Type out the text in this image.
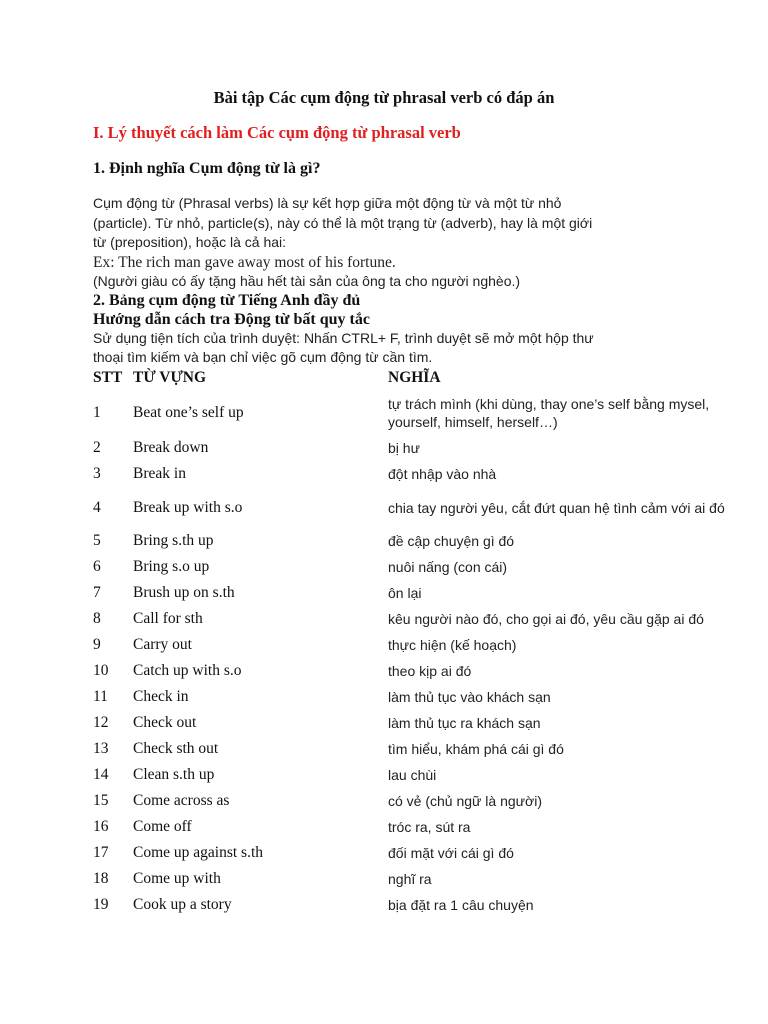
Bài tập Các cụm động từ phrasal verb có đáp án
I. Lý thuyết cách làm Các cụm động từ phrasal verb
1. Định nghĩa Cụm động từ là gì?
Cụm động từ (Phrasal verbs) là sự kết hợp giữa một động từ và một từ nhỏ
(particle). Từ nhỏ, particle(s), này có thể là một trạng từ (adverb), hay là một giới
từ (preposition), hoặc là cả hai:
Ex: The rich man gave away most of his fortune.
(Người giàu có ấy tặng hầu hết tài sản của ông ta cho người nghèo.)
2. Bảng cụm động từ Tiếng Anh đầy đủ
Hướng dẫn cách tra Động từ bất quy tắc
Sử dụng tiện tích của trình duyệt: Nhấn CTRL+ F, trình duyệt sẽ mở một hộp thư
thoại tìm kiếm và bạn chỉ việc gõ cụm động từ cần tìm.
STT	TỪ VỰNG	NGHĨA
1	Beat one’s self up	tự trách mình (khi dùng, thay one’s self bằng mysel, yourself, himself, herself…)
2	Break down	bị hư
3	Break in	đột nhập vào nhà
4	Break up with s.o	chia tay người yêu, cắt đứt quan hệ tình cảm với ai đó
5	Bring s.th up	đề cập chuyện gì đó
6	Bring s.o up	nuôi nấng (con cái)
7	Brush up on s.th	ôn lại
8	Call for sth	kêu người nào đó, cho gọi ai đó, yêu cầu gặp ai đó
9	Carry out	thực hiện (kế hoạch)
10	Catch up with s.o	theo kịp ai đó
11	Check in	làm thủ tục vào khách sạn
12	Check out	làm thủ tục ra khách sạn
13	Check sth out	tìm hiểu, khám phá cái gì đó
14	Clean s.th up	lau chùi
15	Come across as	có vẻ (chủ ngữ là người)
16	Come off	tróc ra, sút ra
17	Come up against s.th	đối mặt với cái gì đó
18	Come up with	nghĩ ra
19	Cook up a story	bịa đặt ra 1 câu chuyện
